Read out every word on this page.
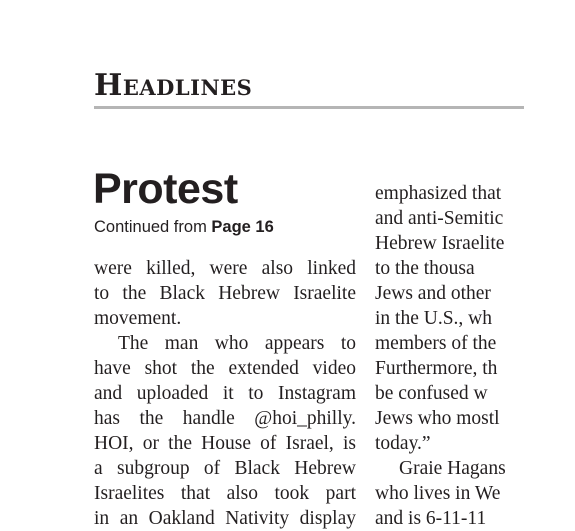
Headlines
Protest
Continued from Page 16
were killed, were also linked
to the Black Hebrew Israelite
movement.
The man who appears to
have shot the extended video
and uploaded it to Instagram
has the handle @hoi_philly.
HOI, or the House of Israel, is
a subgroup of Black Hebrew
Israelites that also took part
in an Oakland Nativity display
emphasized that
and anti-Semitic
Hebrew Israelite
to the thousa
Jews and other
in the U.S., wh
members of the
Furthermore, th
be confused w
Jews who mostl
today.”
Graie Hagans
who lives in We
and is 6-11-11
